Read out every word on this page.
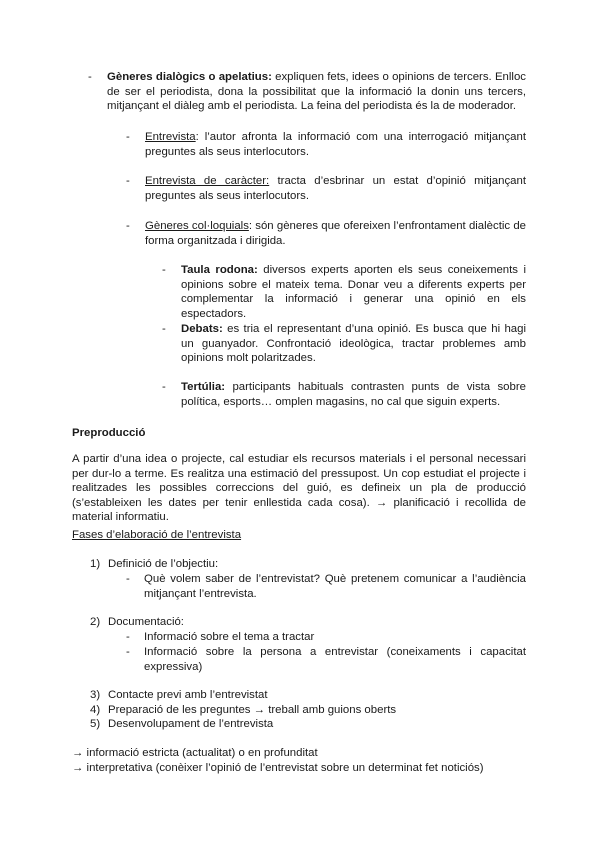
- Gèneres dialògics o apelatius: expliquen fets, idees o opinions de tercers. Enlloc de ser el periodista, dona la possibilitat que la informació la donin uns tercers, mitjançant el diàleg amb el periodista. La feina del periodista és la de moderador.

- Entrevista: l’autor afronta la informació com una interrogació mitjançant preguntes als seus interlocutors.

- Entrevista de caràcter: tracta d’esbrinar un estat d’opinió mitjançant preguntes als seus interlocutors.

- Gèneres col·loquials: són gèneres que ofereixen l’enfrontament dialèctic de forma organitzada i dirigida.

- Taula rodona: diversos experts aporten els seus coneixements i opinions sobre el mateix tema. Donar veu a diferents experts per complementar la informació i generar una opinió en els espectadors.

- Debats: es tria el representant d’una opinió. Es busca que hi hagi un guanyador. Confrontació ideològica, tractar problemes amb opinions molt polaritzades.

- Tertúlia: participants habituals contrasten punts de vista sobre política, esports… omplen magasins, no cal que siguin experts.

Preproducció

A partir d’una idea o projecte, cal estudiar els recursos materials i el personal necessari per dur-lo a terme. Es realitza una estimació del pressupost. Un cop estudiat el projecte i realitzades les possibles correccions del guió, es defineix un pla de producció (s’estableixen les dates per tenir enllestida cada cosa). → planificació i recollida de material informatiu.

Fases d’elaboració de l’entrevista
1) Definició de l’objectiu:

- Què volem saber de l’entrevistat? Què pretenem comunicar a l’audiència mitjançant l’entrevista.

2) Documentació:

- Informació sobre el tema a tractar

- Informació sobre la persona a entrevistar (coneixaments i capacitat expressiva)

3) Contacte previ amb l’entrevistat

4) Preparació de les preguntes → treball amb guions oberts

5) Desenvolupament de l’entrevista

→ informació estricta (actualitat) o en profunditat
→ interpretativa (conèixer l’opinió de l’entrevistat sobre un determinat fet noticiós)
